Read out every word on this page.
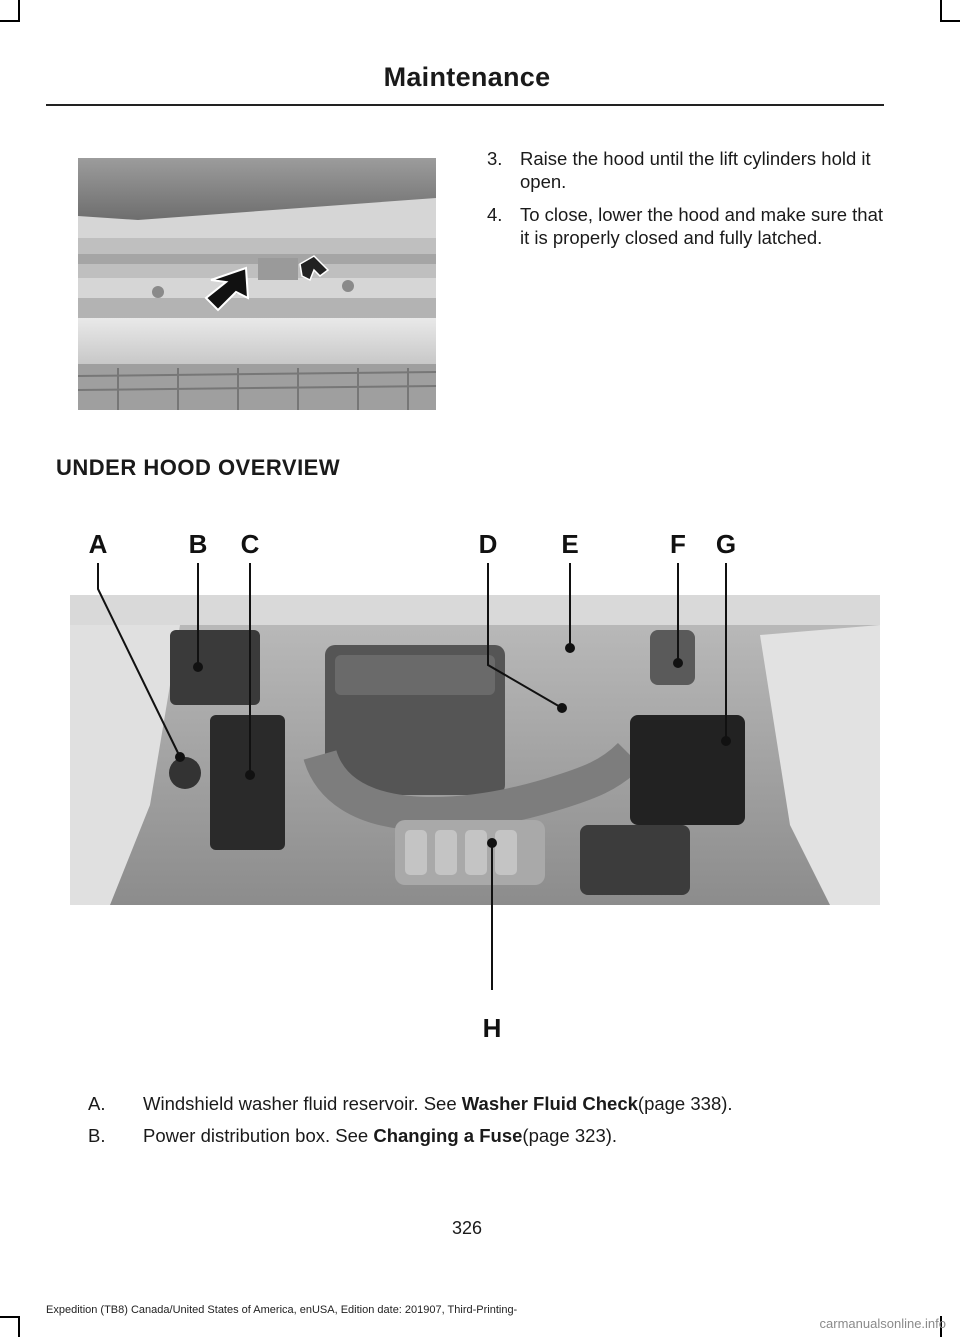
Maintenance
3. Raise the hood until the lift cylinders hold it open.
4. To close, lower the hood and make sure that it is properly closed and fully latched.
UNDER HOOD OVERVIEW
A	B C	D E	F G
H
A.	Windshield washer fluid reservoir. See
Washer Fluid Check (page 338).
B.	Power distribution box. See
Changing a Fuse (page 323).
326
Expedition (TB8) Canada/United States of America, enUSA, Edition date: 201907, Third-Printing-
carmanualsonline.info
